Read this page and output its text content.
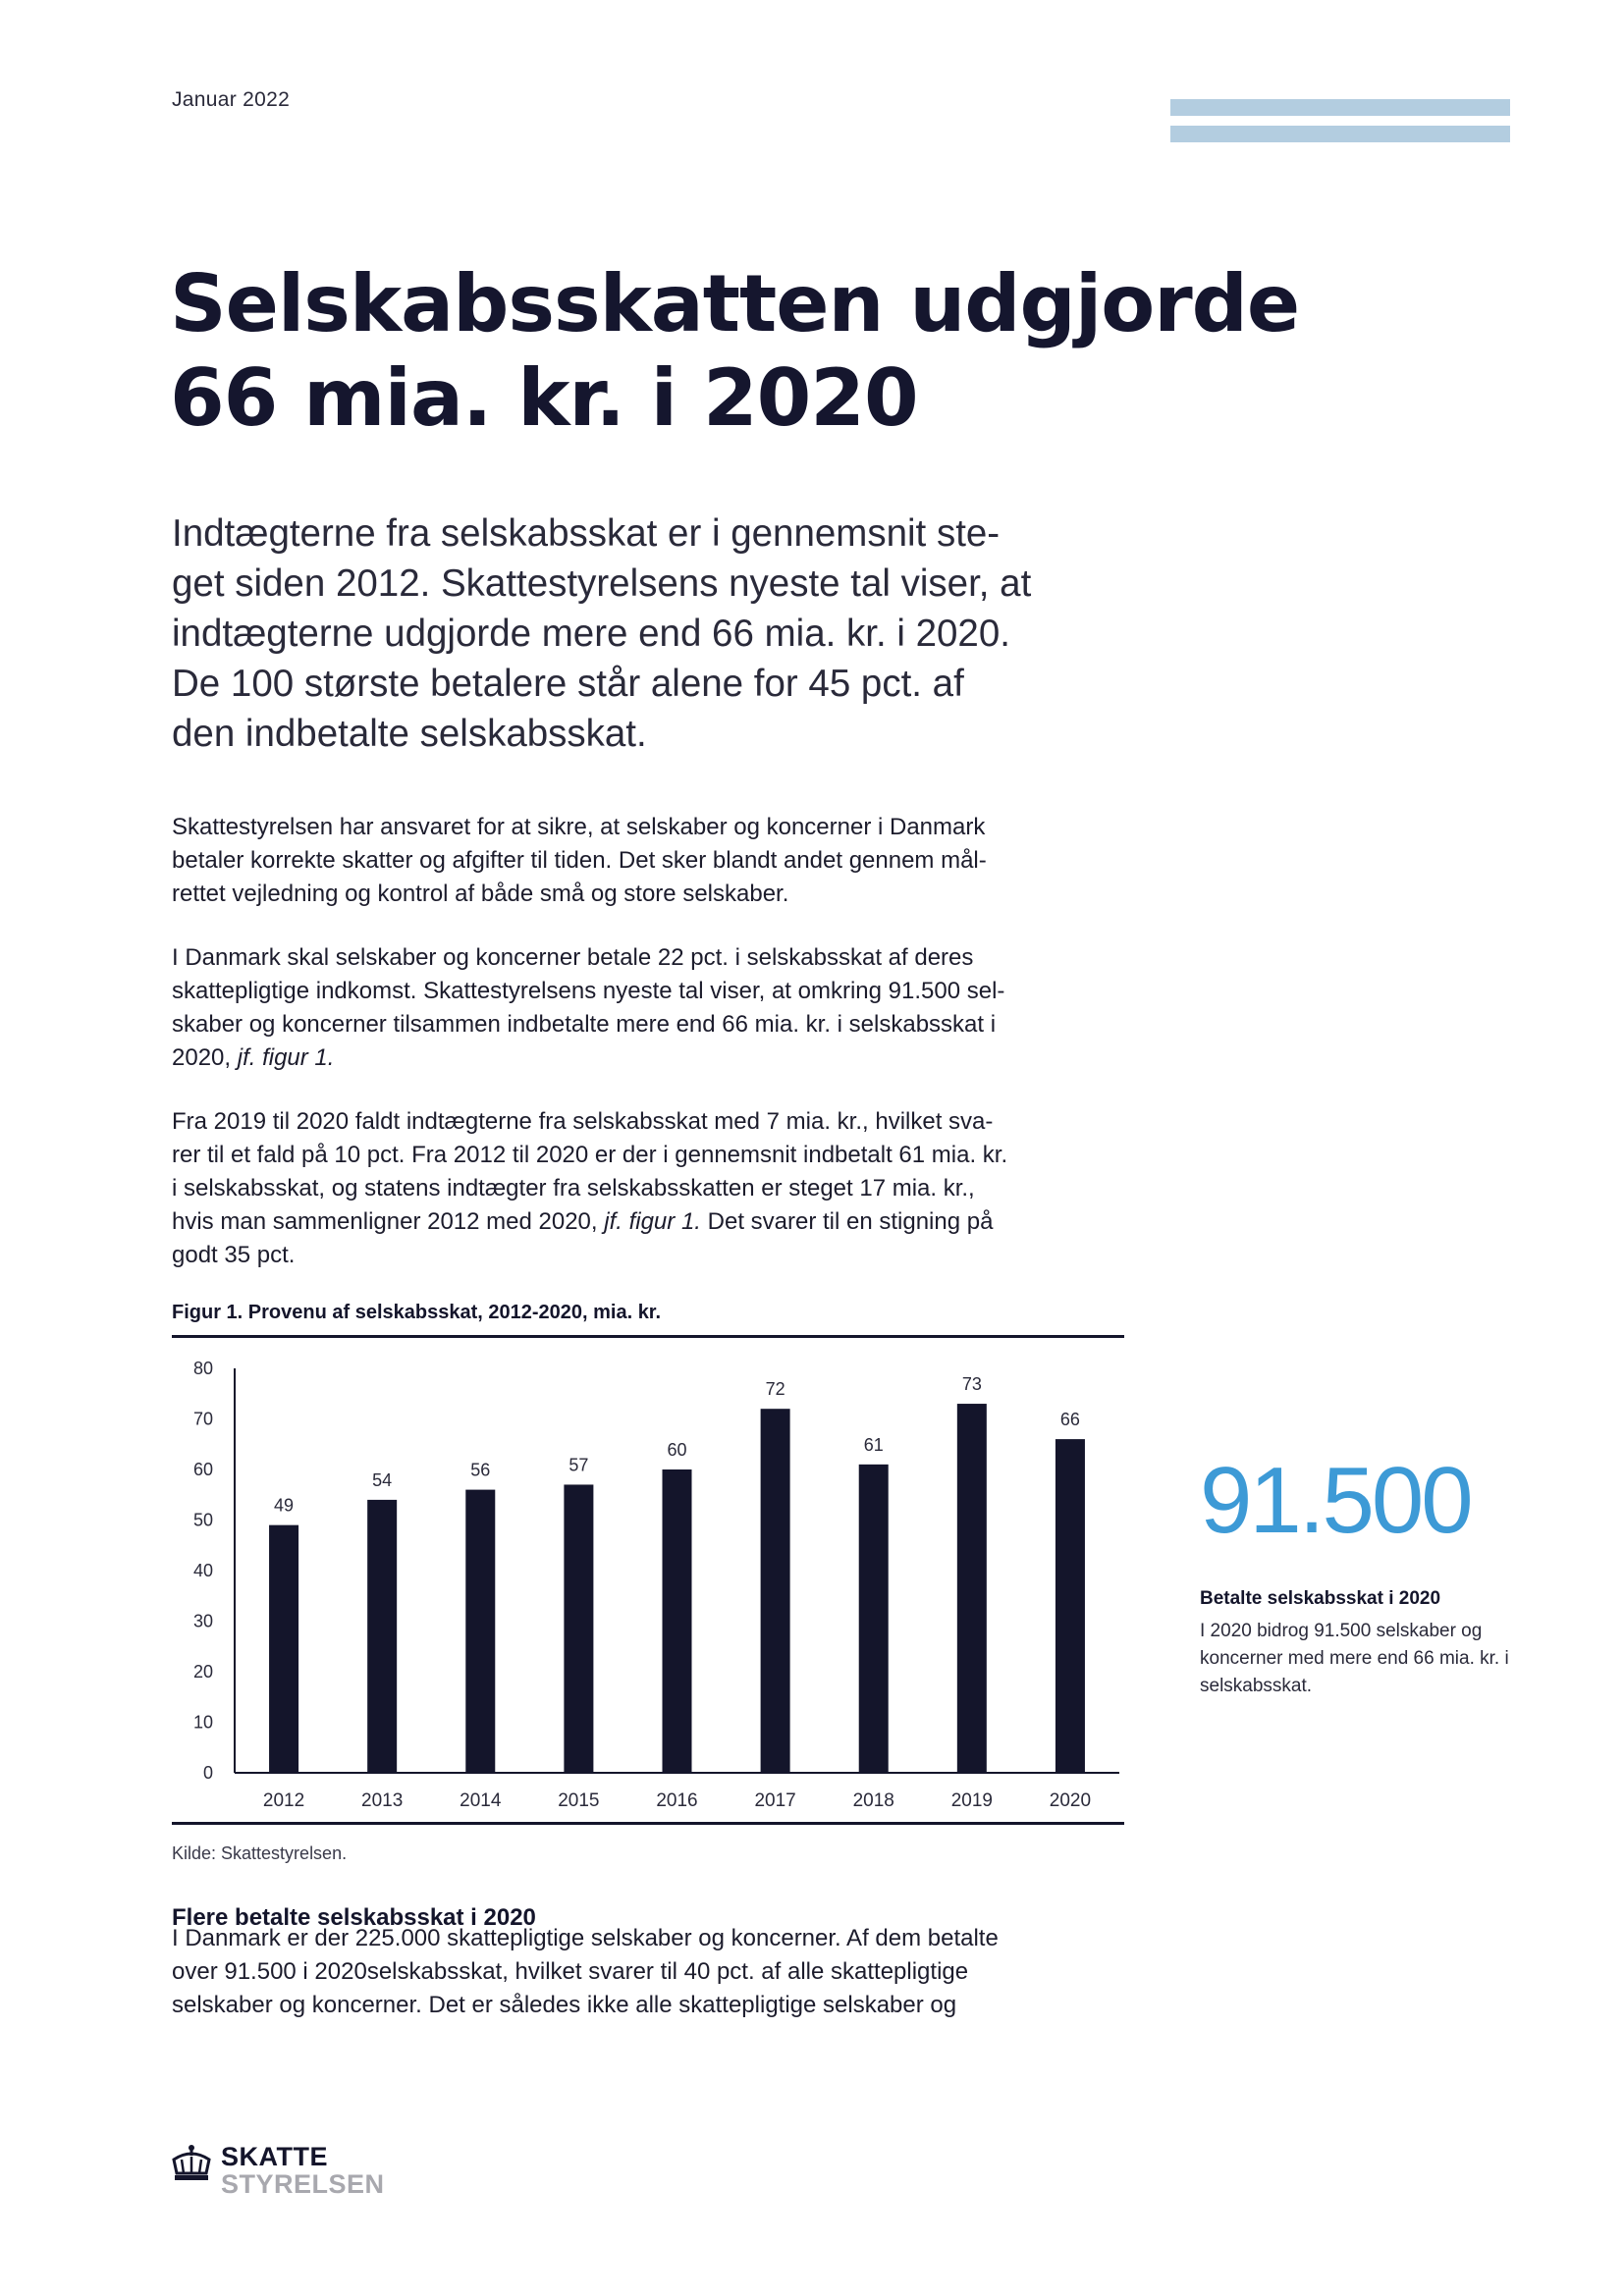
Januar 2022
Selskabsskatten udgjorde
66 mia. kr. i 2020

Indtægterne fra selskabsskat er i gennemsnit ste-
get siden 2012. Skattestyrelsens nyeste tal viser, at
indtægterne udgjorde mere end 66 mia. kr. i 2020.
De 100 største betalere står alene for 45 pct. af
den indbetalte selskabsskat.

Skattestyrelsen har ansvaret for at sikre, at selskaber og koncerner i Danmark
betaler korrekte skatter og afgifter til tiden. Det sker blandt andet gennem mål-
rettet vejledning og kontrol af både små og store selskaber.

I Danmark skal selskaber og koncerner betale 22 pct. i selskabsskat af deres
skattepligtige indkomst. Skattestyrelsens nyeste tal viser, at omkring 91.500 sel-
skaber og koncerner tilsammen indbetalte mere end 66 mia. kr. i selskabsskat i
2020, jf. figur 1.

Fra 2019 til 2020 faldt indtægterne fra selskabsskat med 7 mia. kr., hvilket sva-
rer til et fald på 10 pct. Fra 2012 til 2020 er der i gennemsnit indbetalt 61 mia. kr.
i selskabsskat, og statens indtægter fra selskabsskatten er steget 17 mia. kr.,
hvis man sammenligner 2012 med 2020, jf. figur 1. Det svarer til en stigning på
godt 35 pct.

Figur 1. Provenu af selskabsskat, 2012-2020, mia. kr.
0
10
20
30
40
50
60
70
80
49
2012
54
2013
56
2014
57
2015
60
2016
72
2017
61
2018
73
2019
66
2020
Kilde: Skattestyrelsen.
Flere betalte selskabsskat i 2020

I Danmark er der 225.000 skattepligtige selskaber og koncerner. Af dem betalte
over 91.500 i 2020selskabsskat, hvilket svarer til 40 pct. af alle skattepligtige
selskaber og koncerner. Det er således ikke alle skattepligtige selskaber og

91.500
Betalte selskabsskat i 2020
I 2020 bidrog 91.500 selskaber og
koncerner med mere end 66 mia. kr. i
selskabsskat.
SKATTE
STYRELSEN
